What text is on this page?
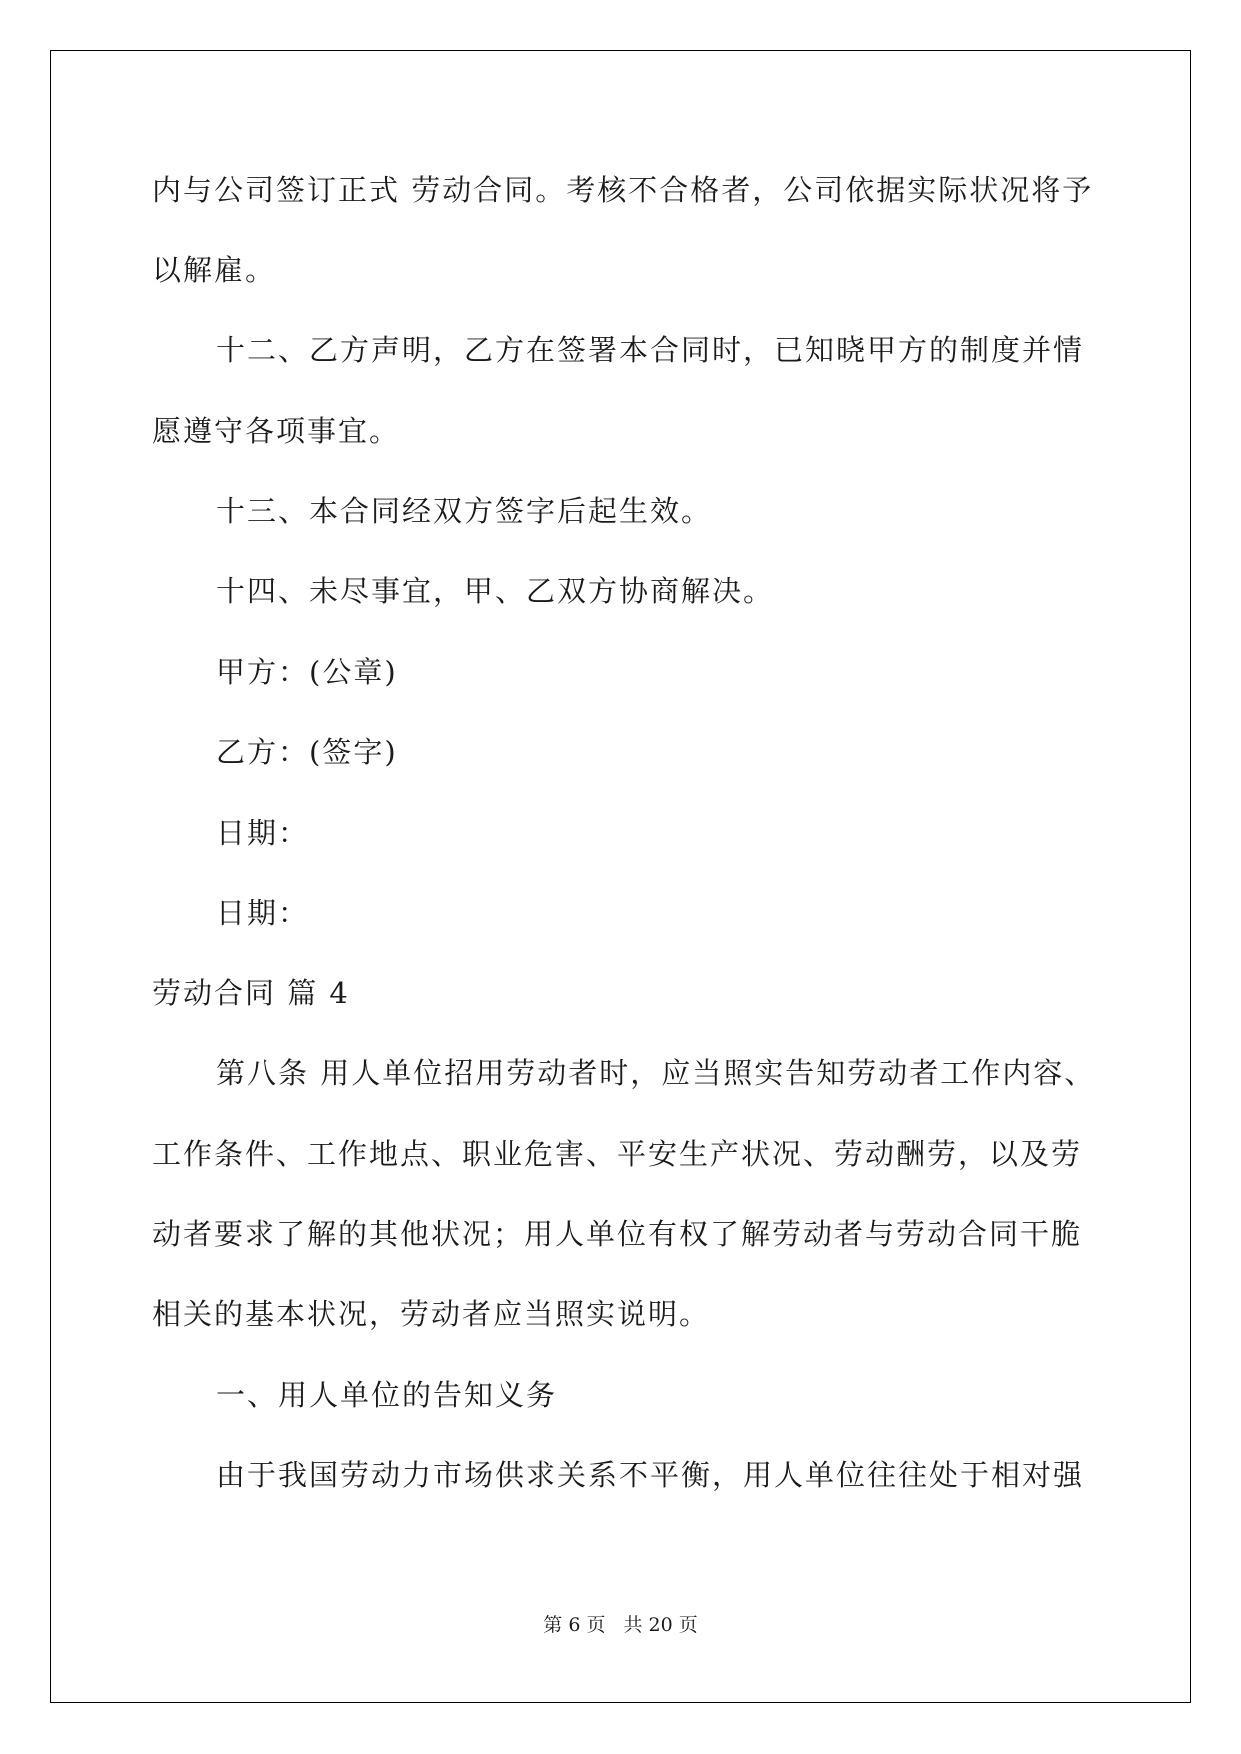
内与公司签订正式 劳动合同。考核不合格者，公司依据实际状况将予
以解雇。
十二、乙方声明，乙方在签署本合同时，已知晓甲方的制度并情
愿遵守各项事宜。
十三、本合同经双方签字后起生效。
十四、未尽事宜，甲、乙双方协商解决。
甲方：(公章)
乙方：(签字)
日期：
日期：
劳动合同 篇 4
第八条 用人单位招用劳动者时，应当照实告知劳动者工作内容、
工作条件、工作地点、职业危害、平安生产状况、劳动酬劳，以及劳
动者要求了解的其他状况；用人单位有权了解劳动者与劳动合同干脆
相关的基本状况，劳动者应当照实说明。
一、用人单位的告知义务
由于我国劳动力市场供求关系不平衡，用人单位往往处于相对强
第 6 页 共 20 页
